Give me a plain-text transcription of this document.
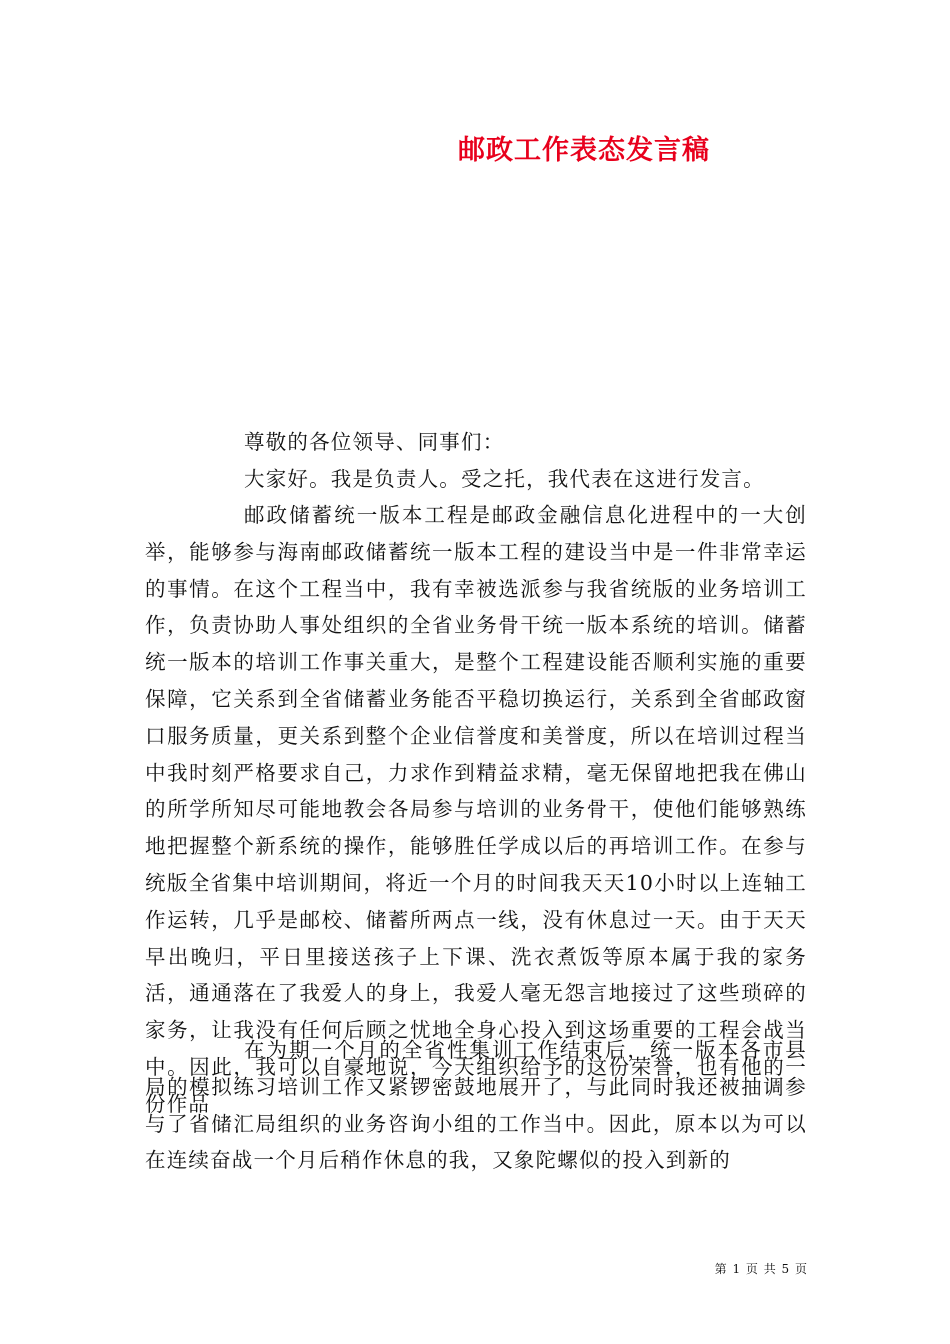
邮政工作表态发言稿

尊敬的各位领导、同事们：

大家好。我是负责人。受之托，我代表在这进行发言。

邮政储蓄统一版本工程是邮政金融信息化进程中的一大创举，能够参与海南邮政储蓄统一版本工程的建设当中是一件非常幸运的事情。在这个工程当中，我有幸被选派参与我省统版的业务培训工作，负责协助人事处组织的全省业务骨干统一版本系统的培训。储蓄统一版本的培训工作事关重大，是整个工程建设能否顺利实施的重要保障，它关系到全省储蓄业务能否平稳切换运行，关系到全省邮政窗口服务质量，更关系到整个企业信誉度和美誉度，所以在培训过程当中我时刻严格要求自己，力求作到精益求精，毫无保留地把我在佛山的所学所知尽可能地教会各局参与培训的业务骨干，使他们能够熟练地把握整个新系统的操作，能够胜任学成以后的再培训工作。在参与统版全省集中培训期间，将近一个月的时间我天天10小时以上连轴工作运转，几乎是邮校、储蓄所两点一线，没有休息过一天。由于天天早出晚归，平日里接送孩子上下课、洗衣煮饭等原本属于我的家务活，通通落在了我爱人的身上，我爱人毫无怨言地接过了这些琐碎的家务，让我没有任何后顾之忧地全身心投入到这场重要的工程会战当中。因此，我可以自豪地说，今天组织给予的这份荣誉，也有他的一份作品

在为期一个月的全省性集训工作结束后，统一版本各市县局的模拟练习培训工作又紧锣密鼓地展开了，与此同时我还被抽调参与了省储汇局组织的业务咨询小组的工作当中。因此，原本以为可以在连续奋战一个月后稍作休息的我，又象陀螺似的投入到新的

第 1 页 共 5 页
